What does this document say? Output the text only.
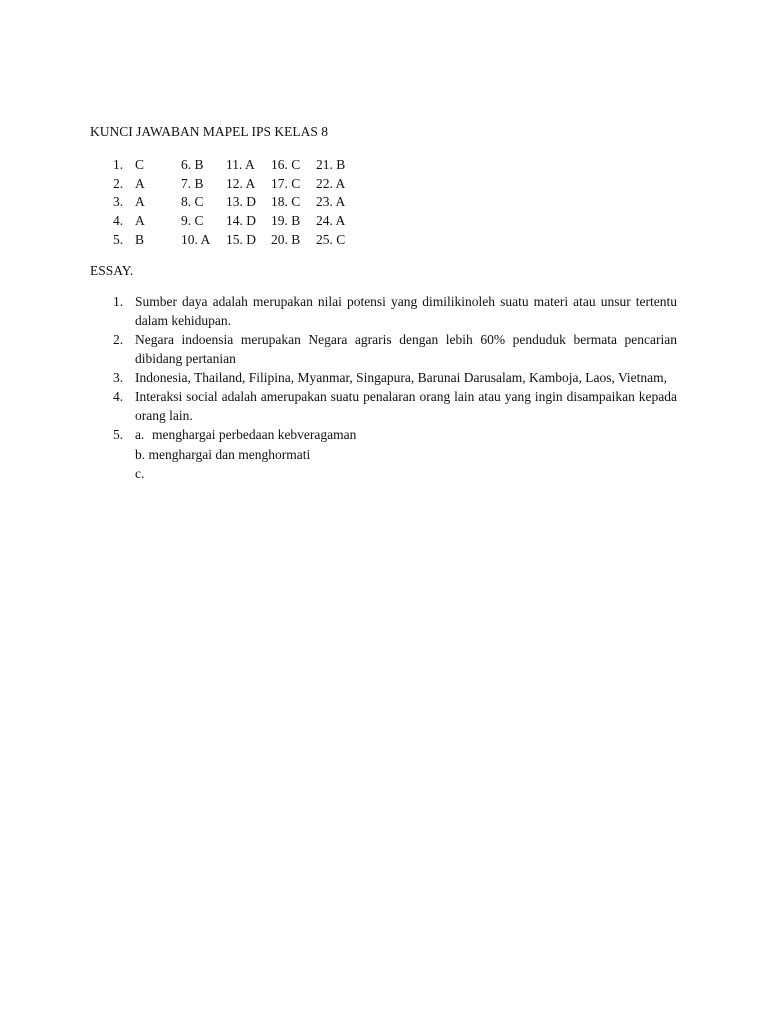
KUNCI JAWABAN MAPEL IPS KELAS 8
1. C	6. B 11. A 16. C 21. B
2. A	7. B 12. A 17. C 22. A
3. A	8. C 13. D 18. C 23. A
4. A	9. C 14. D 19. B 24. A
5. B	10. A 15. D 20. B 25. C
ESSAY.
1. Sumber daya adalah merupakan nilai potensi yang dimilikinoleh suatu materi atau unsur tertentu dalam kehidupan.
2. Negara indoensia merupakan Negara agraris dengan lebih 60% penduduk bermata pencarian dibidang pertanian
3. Indonesia, Thailand, Filipina, Myanmar, Singapura, Barunai Darusalam, Kamboja, Laos, Vietnam,
4. Interaksi social adalah amerupakan suatu penalaran orang lain atau yang ingin disampaikan kepada orang lain.
5. a. menghargai perbedaan kebveragaman
b. menghargai dan menghormati
c.
